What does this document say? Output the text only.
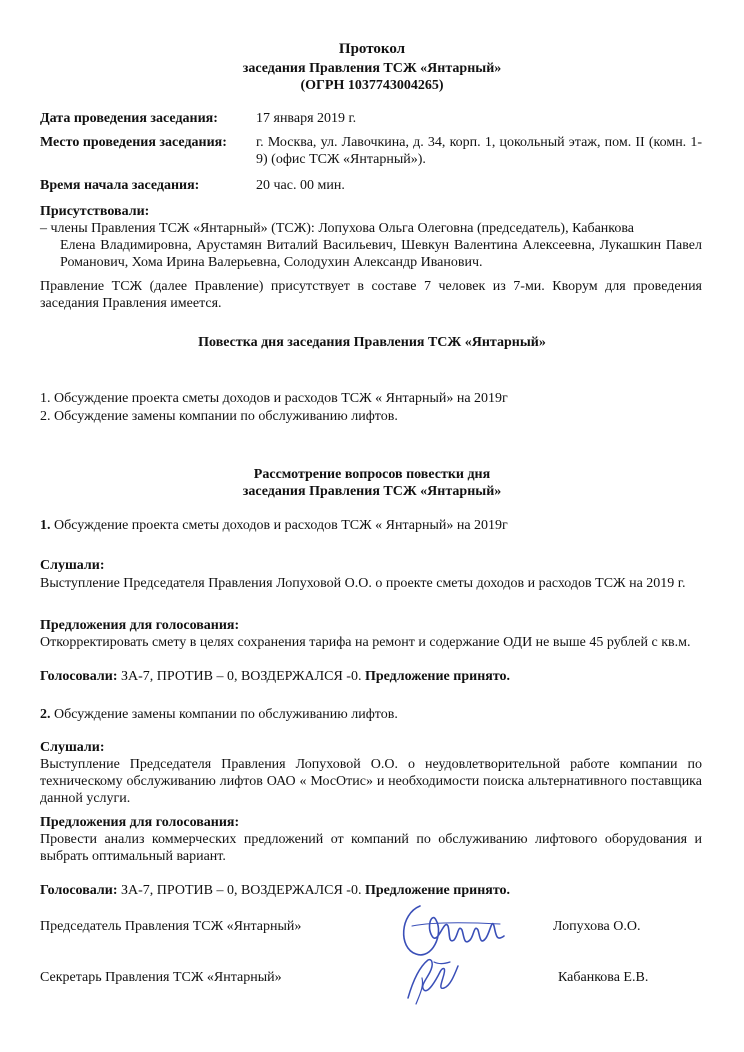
Протокол
заседания Правления ТСЖ «Янтарный»
(ОГРН 1037743004265)
Дата проведения заседания:	17 января 2019 г.
Место проведения заседания: г. Москва, ул. Лавочкина, д. 34, корп. 1, цокольный этаж, пом. II (комн. 1-9) (офис ТСЖ «Янтарный»).
Время начала заседания:	20 час. 00 мин.
Присутствовали:
– члены Правления ТСЖ «Янтарный» (ТСЖ): Лопухова Ольга Олеговна (председатель), Кабанкова
Елена Владимировна, Арустамян Виталий Васильевич, Шевкун Валентина Алексеевна, Лукашкин Павел Романович, Хома Ирина Валерьевна, Солодухин Александр Иванович.
Правление ТСЖ (далее Правление) присутствует в составе 7 человек из 7-ми. Кворум для проведения заседания Правления имеется.
Повестка дня заседания Правления ТСЖ «Янтарный»
1. Обсуждение проекта сметы доходов и расходов ТСЖ « Янтарный» на 2019г
2. Обсуждение замены компании по обслуживанию лифтов.
Рассмотрение вопросов повестки дня
заседания Правления ТСЖ «Янтарный»
1. Обсуждение проекта сметы доходов и расходов ТСЖ « Янтарный» на 2019г
Слушали:
Выступление Председателя Правления Лопуховой О.О. о проекте сметы доходов и расходов ТСЖ на 2019 г.
Предложения для голосования:
Откорректировать смету в целях сохранения тарифа на ремонт и содержание ОДИ не выше 45 рублей с кв.м.
Голосовали: ЗА-7, ПРОТИВ – 0, ВОЗДЕРЖАЛСЯ -0. Предложение принято.
2. Обсуждение замены компании по обслуживанию лифтов.
Слушали:
Выступление Председателя Правления Лопуховой О.О. о неудовлетворительной работе компании по техническому обслуживанию лифтов ОАО « МосОтис» и необходимости поиска альтернативного поставщика данной услуги.
Предложения для голосования:
Провести анализ коммерческих предложений от компаний по обслуживанию лифтового оборудования и выбрать оптимальный вариант.
Голосовали: ЗА-7, ПРОТИВ – 0, ВОЗДЕРЖАЛСЯ -0. Предложение принято.
Председатель Правления ТСЖ «Янтарный»	Лопухова О.О.
Секретарь Правления ТСЖ «Янтарный»	Кабанкова Е.В.
